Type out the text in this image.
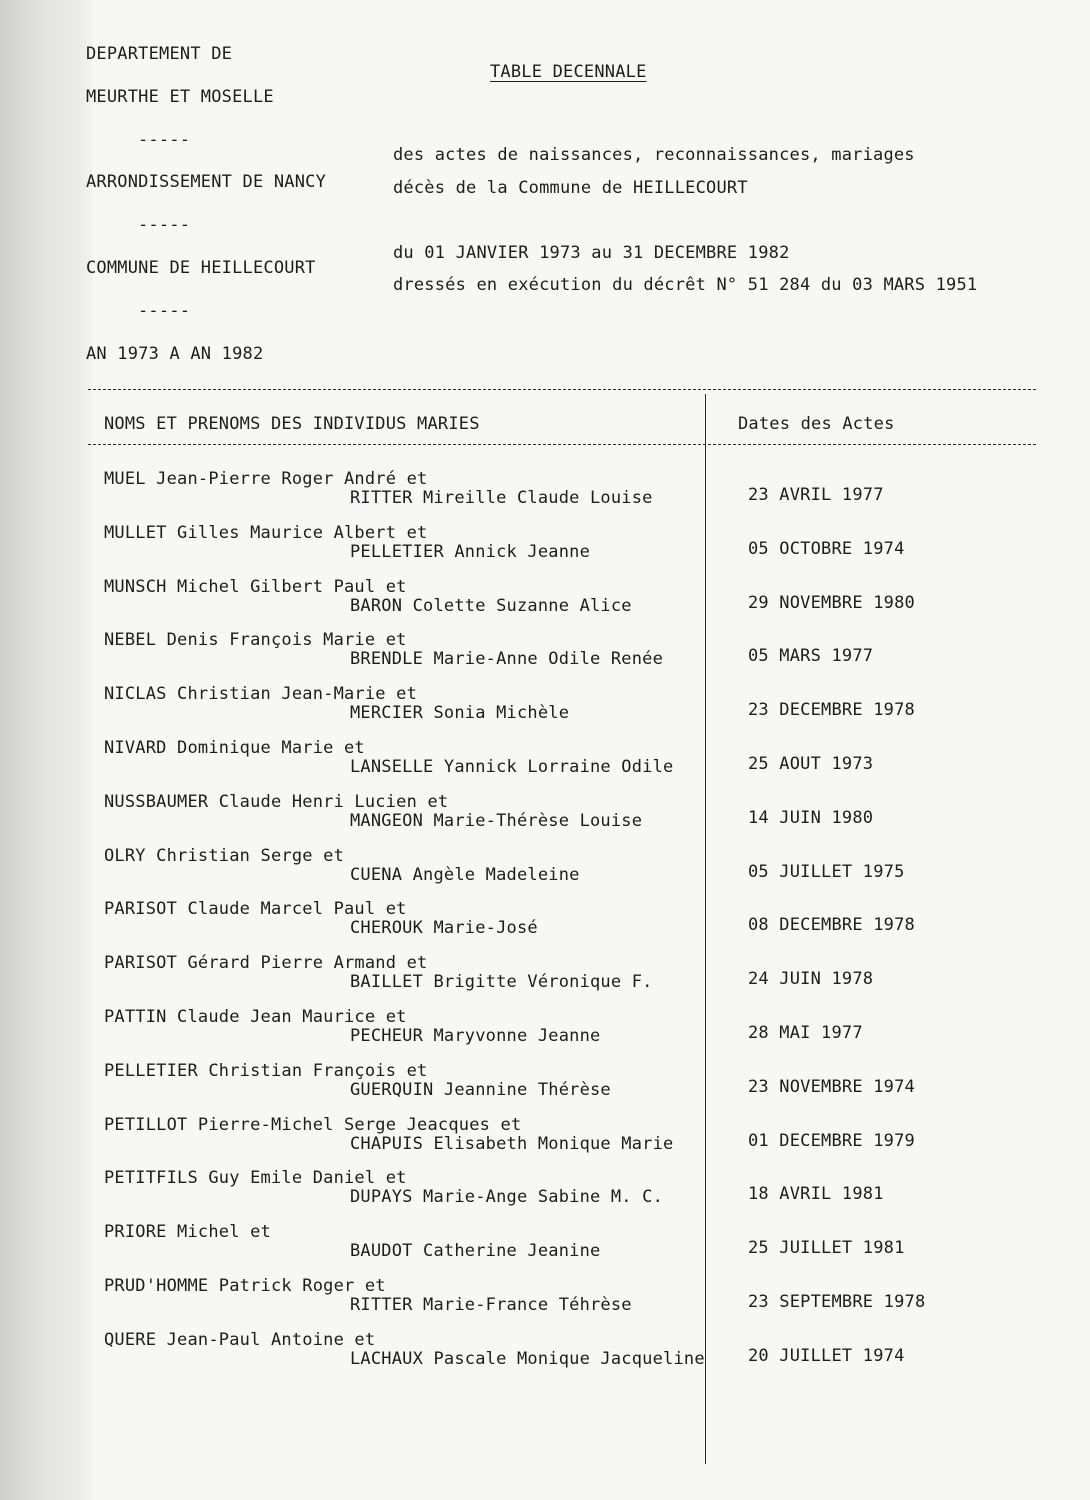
DEPARTEMENT DE
MEURTHE ET MOSELLE
-----
ARRONDISSEMENT DE NANCY
-----
COMMUNE DE HEILLECOURT
-----
AN 1973 A AN 1982
TABLE DECENNALE
des actes de naissances, reconnaissances, mariages
décès de la Commune de HEILLECOURT
du 01 JANVIER 1973 au 31 DECEMBRE 1982
dressés en exécution du décrêt N° 51 284 du 03 MARS 1951
NOMS ET PRENOMS DES INDIVIDUS MARIES	Dates des Actes
MUEL Jean-Pierre Roger André et
RITTER Mireille Claude Louise	23 AVRIL 1977
MULLET Gilles Maurice Albert et
PELLETIER Annick Jeanne	05 OCTOBRE 1974
MUNSCH Michel Gilbert Paul et
BARON Colette Suzanne Alice	29 NOVEMBRE 1980
NEBEL Denis François Marie et
BRENDLE Marie-Anne Odile Renée	05 MARS 1977
NICLAS Christian Jean-Marie et
MERCIER Sonia Michèle	23 DECEMBRE 1978
NIVARD Dominique Marie et
LANSELLE Yannick Lorraine Odile	25 AOUT 1973
NUSSBAUMER Claude Henri Lucien et
MANGEON Marie-Thérèse Louise	14 JUIN 1980
OLRY Christian Serge et
CUENA Angèle Madeleine	05 JUILLET 1975
PARISOT Claude Marcel Paul et
CHEROUK Marie-José	08 DECEMBRE 1978
PARISOT Gérard Pierre Armand et
BAILLET Brigitte Véronique F.	24 JUIN 1978
PATTIN Claude Jean Maurice et
PECHEUR Maryvonne Jeanne	28 MAI 1977
PELLETIER Christian François et
GUERQUIN Jeannine Thérèse	23 NOVEMBRE 1974
PETILLOT Pierre-Michel Serge Jeacques et
CHAPUIS Elisabeth Monique Marie	01 DECEMBRE 1979
PETITFILS Guy Emile Daniel et
DUPAYS Marie-Ange Sabine M. C.	18 AVRIL 1981
PRIORE Michel et
BAUDOT Catherine Jeanine	25 JUILLET 1981
PRUD'HOMME Patrick Roger et
RITTER Marie-France Téhrèse	23 SEPTEMBRE 1978
QUERE Jean-Paul Antoine et
LACHAUX Pascale Monique Jacqueline	20 JUILLET 1974
